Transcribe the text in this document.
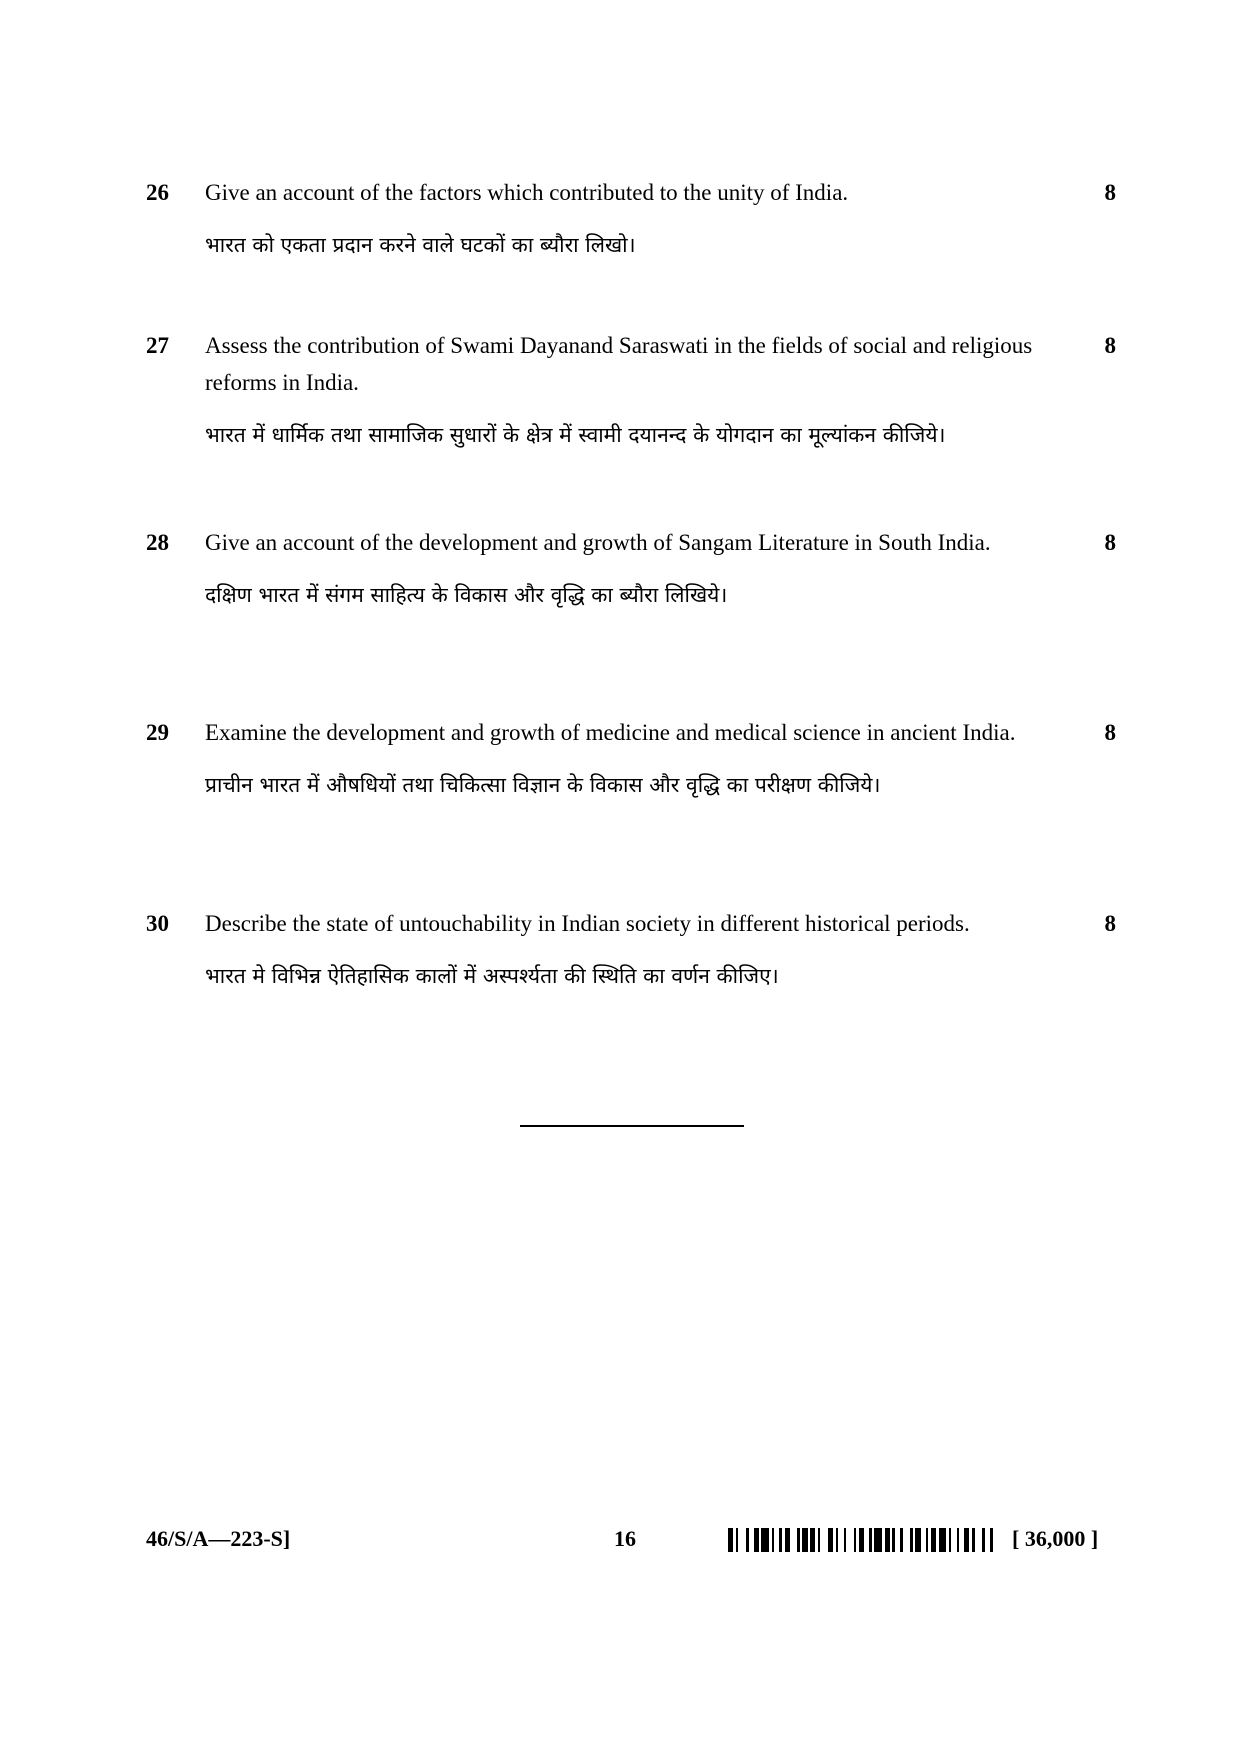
26 Give an account of the factors which contributed to the unity of India.

भारत को एकता प्रदान करने वाले घटकों का ब्यौरा लिखो।

8
27 Assess the contribution of Swami Dayanand Saraswati in the fields of social and religious reforms in India.

भारत में धार्मिक तथा सामाजिक सुधारों के क्षेत्र में स्वामी दयानन्द के योगदान का मूल्यांकन कीजिये।

8
28 Give an account of the development and growth of Sangam Literature in South India.

दक्षिण भारत में संगम साहित्य के विकास और वृद्धि का ब्यौरा लिखिये।

8
29 Examine the development and growth of medicine and medical science in ancient India.

प्राचीन भारत में औषधियों तथा चिकित्सा विज्ञान के विकास और वृद्धि का परीक्षण कीजिये।

8
30 Describe the state of untouchability in Indian society in different historical periods.

भारत मे विभिन्न ऐतिहासिक कालों में अस्पर्श्यता की स्थिति का वर्णन कीजिए।

8
46/S/A—223-S]	16	[ 36,000 ]
